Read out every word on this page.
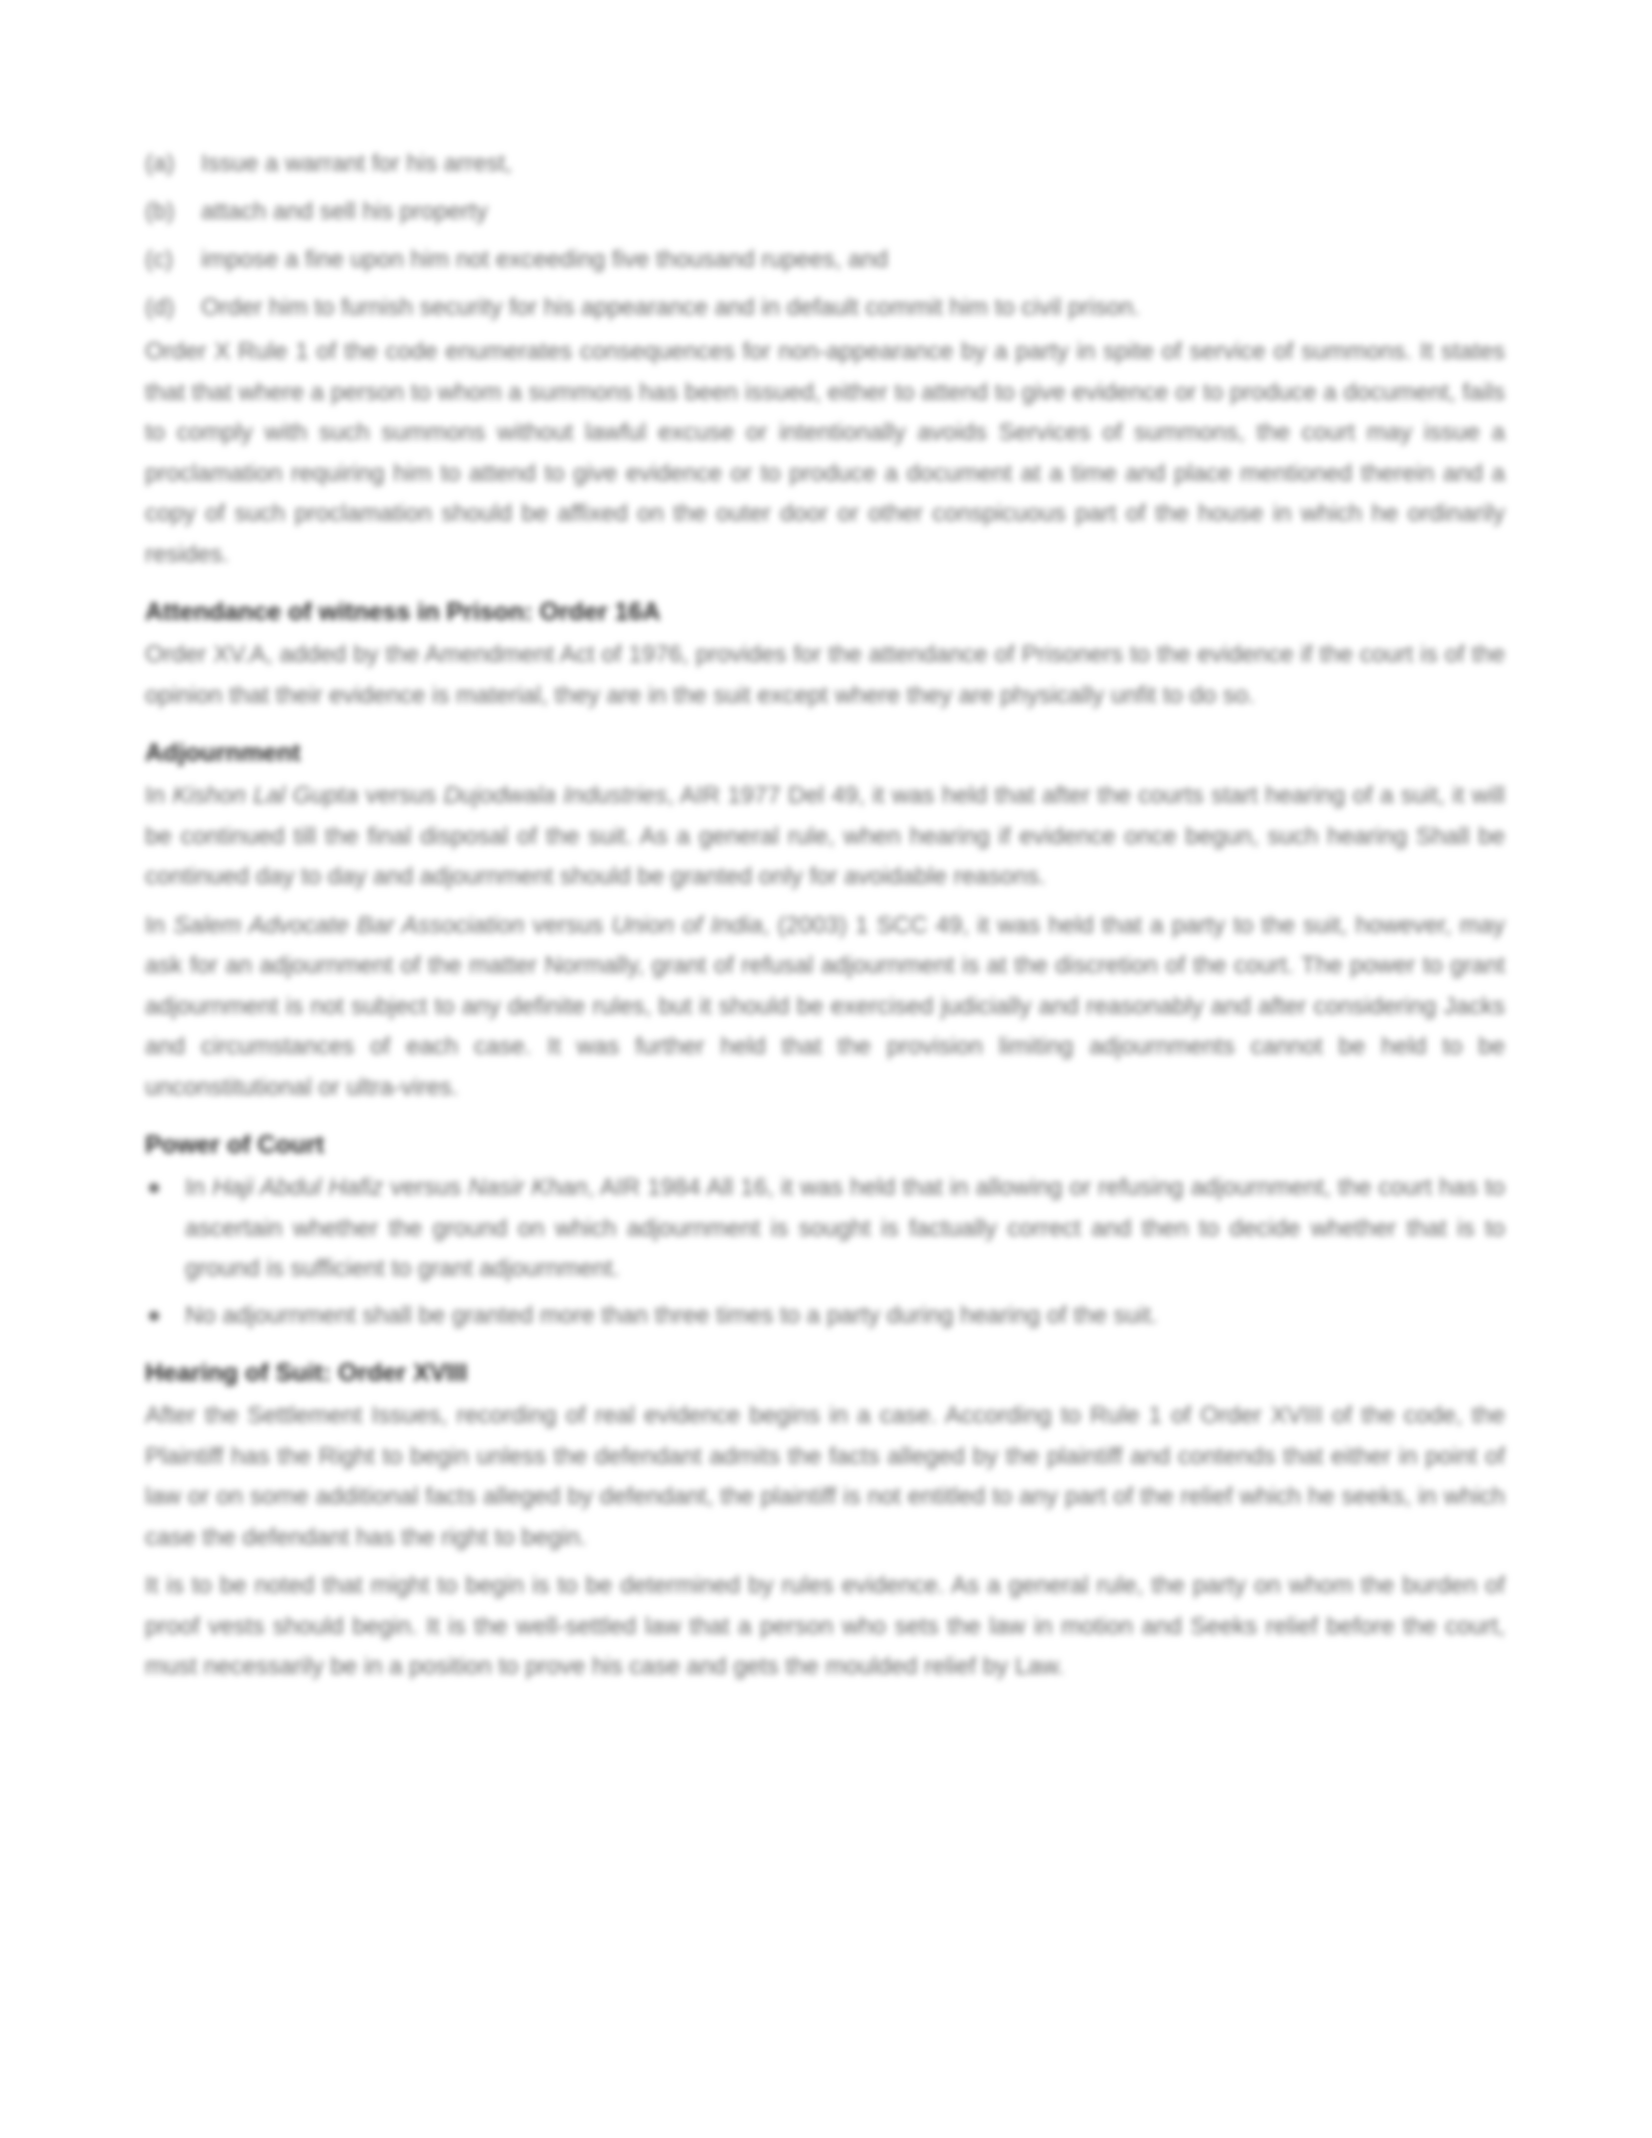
(a)	Issue a warrant for his arrest,
(b)	attach and sell his property
(c)	impose a fine upon him not exceeding five thousand rupees, and
(d)	Order him to furnish security for his appearance and in default commit him to civil prison.

Order X Rule 1 of the code enumerates consequences for non-appearance by a party in spite of service of summons. It states that that where a person to whom a summons has been issued, either to attend to give evidence or to produce a document, fails to comply with such summons without lawful excuse or intentionally avoids Services of summons, the court may issue a proclamation requiring him to attend to give evidence or to produce a document at a time and place mentioned therein and a copy of such proclamation should be affixed on the outer door or other conspicuous part of the house in which he ordinarily resides.

Attendance of witness in Prison: Order 16A

Order XV.A, added by the Amendment Act of 1976, provides for the attendance of Prisoners to the evidence if the court is of the opinion that their evidence is material, they are in the suit except where they are physically unfit to do so.

Adjournment

In Kishon Lal Gupta versus Dujodwala Industries, AIR 1977 Del 49, it was held that after the courts start hearing of a suit, it will be continued till the final disposal of the suit. As a general rule, when hearing if evidence once begun, such hearing Shall be continued day to day and adjournment should be granted only for avoidable reasons.

In Salem Advocate Bar Association versus Union of India, (2003) 1 SCC 49, it was held that a party to the suit, however, may ask for an adjournment of the matter Normally, grant of refusal adjournment is at the discretion of the court. The power to grant adjournment is not subject to any definite rules, but it should be exercised judicially and reasonably and after considering Jacks and circumstances of each case. It was further held that the provision limiting adjournments cannot be held to be unconstitutional or ultra-vires.

Power of Court
In Haji Abdul Hafiz versus Nasir Khan, AIR 1984 All 16, it was held that in allowing or refusing adjournment, the court has to ascertain whether the ground on which adjournment is sought is factually correct and then to decide whether that is to ground is sufficient to grant adjournment.
No adjournment shall be granted more than three times to a party during hearing of the suit.
Hearing of Suit: Order XVIII

After the Settlement Issues, recording of real evidence begins in a case. According to Rule 1 of Order XVIII of the code, the Plaintiff has the Right to begin unless the defendant admits the facts alleged by the plaintiff and contends that either in point of law or on some additional facts alleged by defendant, the plaintiff is not entitled to any part of the relief which he seeks, in which case the defendant has the right to begin.

It is to be noted that might to begin is to be determined by rules evidence. As a general rule, the party on whom the burden of proof vests should begin. It is the well-settled law that a person who sets the law in motion and Seeks relief before the court, must necessarily be in a position to prove his case and gets the moulded relief by Law.
